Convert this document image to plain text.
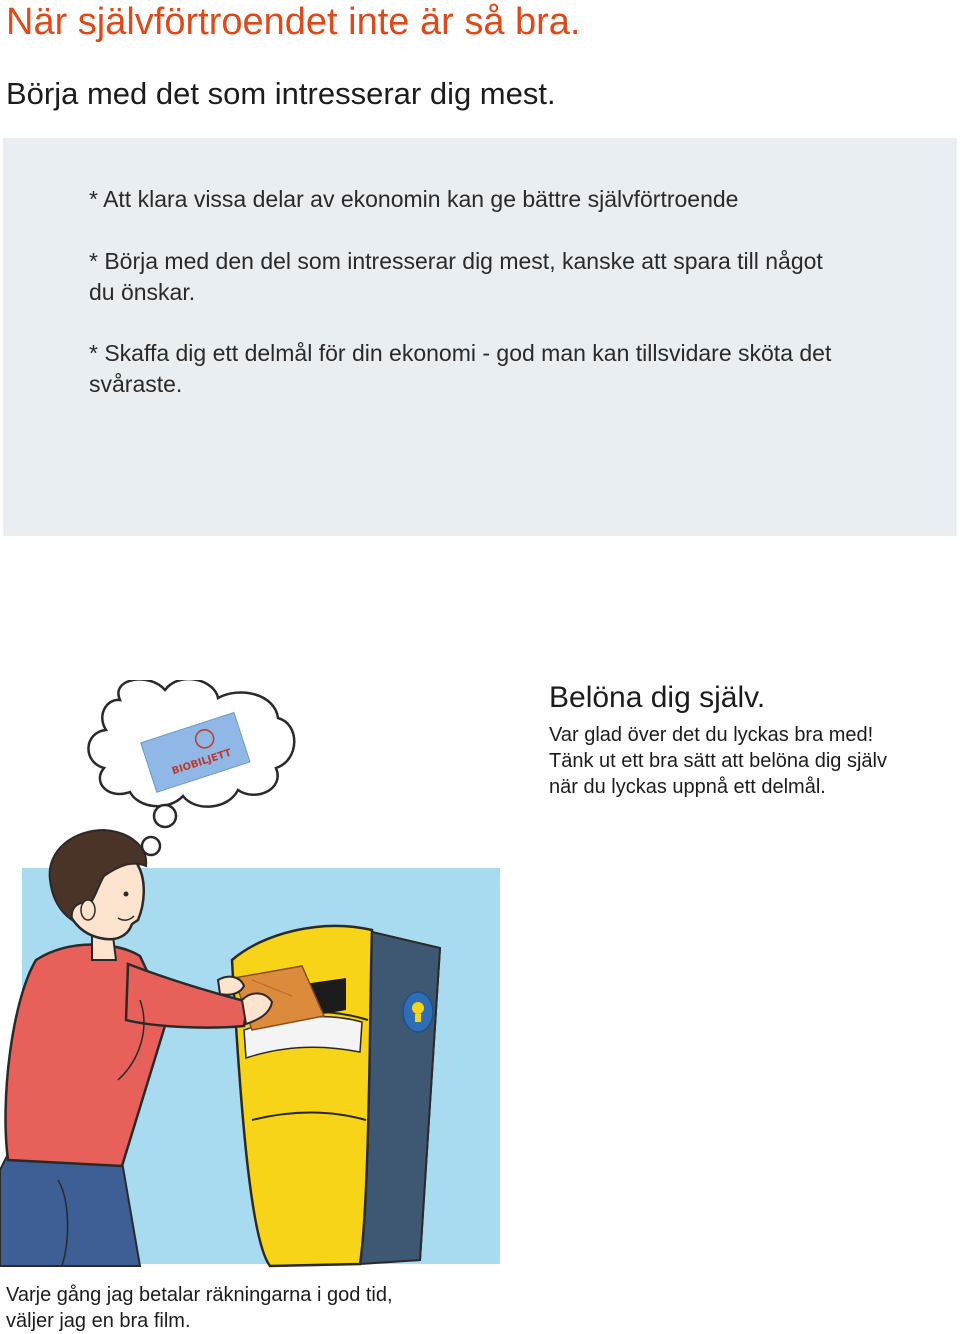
När självförtroendet inte är så bra.
Börja med det som intresserar dig mest.

* Att klara vissa delar av ekonomin kan ge bättre självförtroende

* Börja med den del som intresserar dig mest, kanske att spara till något du önskar.

* Skaffa dig ett delmål för din ekonomi - god man kan tillsvidare sköta det svåraste.

Belöna dig själv.

Var glad över det du lyckas bra med!
Tänk ut ett bra sätt att belöna dig själv
när du lyckas uppnå ett delmål.

BIOBILJETT

Varje gång jag betalar räkningarna i god tid,
väljer jag en bra film.
